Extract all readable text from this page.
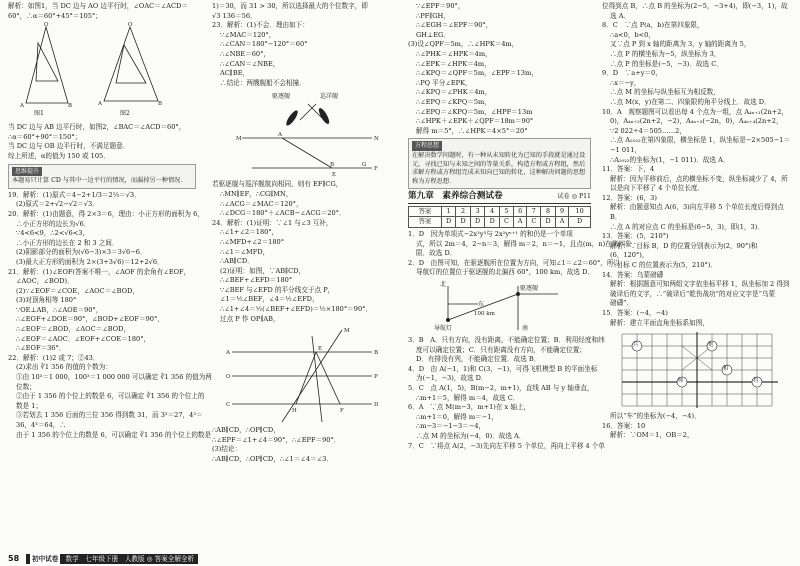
解析：如图1，当 DC 边与 AO 边平行时，∠OAC＝∠ACD＝

60°，∴α＝60°+45°＝105°；

O
A	B
O
A	B
图1	图2

当 DC 边与 AB 边平行时，如图2，∠BAC＝∠ACD＝60°，

∴α＝60°+90°＝150°；

当 DC 边与 OB 边平行时，不满足题意．

综上所述，α的值为 150 或 105．

思维提升
本题易只计算 CD 与其中一边平行的情况，而漏掉另一种情况．

19．解析：(1)原式＝4−2+1/3＝2⅓＝√3．

(2)原式＝2+√2−√2＝√3．

20．解析：(1)由题意，得 2×3＝6，理由：小正方形的面积为 6，

∴小正方形的边长为√6．

∵4<6<9，∴2<√6<3，

∴小正方形的边长在 2 和 3 之间．

(2)阴影部分的面积为(√6−3)×3＝3√6−6．

(3)最大正方形的面积为 2×(3+3√6)＝12+2√6．

21．解析：(1)∠EOF(答案不唯一，∠AOF 的余角有∠EOF，

∠AOC，∠BOD)．

(2)∵∠EOF＝∠COE，∠AOC＝∠BOD，

(3)对顶角相等 180°

∵OE⊥AB，∴∠AOE＝90°，

∴∠EOF+∠DOE＝90°，∠BOD+∠EOF＝90°，

∴∠EOF＝∠BOD，∠AOC＝∠BOD，

∴∠EOF＝∠AOC．∠EOF+∠COE＝180°，

∴∠EOF＝36°．

22．解析：(1)2 或 7；②43．

(2)求出 ∛1 356 的值的个数为：

①由 10³＝1 000，100³＝1 000 000 可以确定 ∛1 356 的值为两

位数；

②由于 1 356 的个位上的数是 6，可以确定 ∛1 356 的个位上的

数是 1；

③若划去 1 356 后面的三位 356 得到数 31，而 3³＝27，4³＝

36，4³＝64，∴

由于 1 356 的个位上的数是 6，可以确定 ∛1 356 的个位上的数是

1)＝30，而 31 > 30，所以选择最大的个位数字，即

√3 136＝56．

23．解析：(1)不会．理由如下：

∵∠MAC＝120°，

∴∠CAN＝180°−120°＝60°

∴∠NBE＝60°，

∴∠CAN＝∠NBE，

AC∥BE，

∴结论：两艘舰船不会相撞．

M	N
A
B
E
G
F
驱逐舰	巡洋舰

若驱逐舰与巡洋舰航向相同，则有 EF∥CG，

∴MN∥EF，∴CG∥MN，

∴∠ACG＝∠MAC＝120°，

∴∠DCG＝180°＋∠ACB−∠ACG＝20°．

24．解析：(1)证明：∵∠1 与∠3 互补，

∴∠1+∠2＝180°，

∴∠MFD+∠2＝180°

∴∠1＝∠MFD，

∴AB∥CD．

(2)证明：如图，∵AB∥CD，

∴∠BEF+∠EFD＝180°

∵∠BEF 与∠EFD 的平分线交于点 P，

∠1＝½∠BEF，∠4＝½∠EFD，

∴∠1+∠4＝½(∠BEF+∠EFD)＝½×180°＝90°．

过点 P 作 OP∥AB，

A	B
O	P
C	D
E
F
H
M

∴AB∥CD，∴OP∥CD，

∴∠EPF＝∠1+∠4＝90°，∴∠EPF＝90°．

(3)结论：

∴AB∥CD，∴OP∥CD，∴∠1＝∠4＝∠3．

∵∠EPF＝90°，

∴PF∥GH，

∴∠EGH＝∠EPF＝90°，

GH⊥EG．

(3)设∠QPF＝5m，∴∠HPK＝4m，

∴∠PHK＝∠HPK＝4m，

∴∠EPK＝∠HPK＝4m，

∴∠KPQ＝∠QPF＝5m，∠EPF＝13m，

∴PQ 平分∠EPK，

∴∠KPQ＝∠PHK＝4m，

∴∠EPQ＝∠KPQ＝5m，

∴∠EPQ＝∠KPQ＝5m，∠HPF＝13m

∴∠HPK＋∠EPK＋∠QPF＝18m＝90°

解得 m＝5°，∴∠HPK＝4×5°＝20°

方程思想
在解决数学问题时，有一种从未知转化为已知的手段就是通过设元，寻找已知与未知之间的等量关系，构造方程或方程组，然后求解方程或方程组完成未知向已知的转化，这种解决问题的思想称为方程思想．
第九章　素养综合测试卷	试卷 ◎ P11
答案	1	2	3	4	5	6	7	8	9	10
答案	D	D	D	D	C	A	C	D	A	D

1．D　因为单项式−2x²y³与 2x²yⁿ⁺¹ 的和仍是一个单项

式，所以 2m＝4，2−n＝3，解得 m＝2，n＝−1，且点(m，n)在第四象

限．故选 D．

2．D　由图可知，在驱逐舰所在位置为方向，可知∠1＝∠2＝60°，所以

导航灯的位置位于驱逐舰的北偏西 60°，100 km，故选 D．

北
东
南
导航灯
驱逐舰
100 km

3．B　A．只有方向，没有距离，不能确定位置；B．利用经度和纬

度可以确定位置；C．只有距离没有方向，不能确定位置；

D．有排没有列，不能确定位置．故选 B．

4．D　由 A(−1，1)和 C(3，−1)，可得飞机模型 B 的平面坐标

为(−1，−3)，故选 D．

5．C　点 A(1，5)，B(m−2，m+1)，直线 AB 与 y 轴垂直，

∴m+1＝5，解得 m＝4，故选 C．

6．A　∵点 M(m−3，m+1)在 x 轴上，

∴m+1＝0，解得 m＝−1，

∴m−3＝−1−3＝−4，

∴点 M 的坐标为(−4，0)．故选 A．

7．C　∵将点 A(2，−3)先向左平移 5 个单位，再向上平移 4 个单

位得到点 B，∴点 B 的坐标为(2−5，−3+4)，即(−3，1)，故

选 A．

8．C　∵点 P(a，b)在第四象限，

∴a<0，b<0，

又∵点 P 到 x 轴的距离为 3，y 轴的距离为 5，

∴点 P 的横坐标为−5，纵坐标为 3，

∴点 P 的坐标是(−5，−3)．故选 C．

9．D　∵a+y＝0，

∴x＝−y，

∴点 M 的坐标与纵坐标互为相反数，

∴点 M(x，y)在第二、四象限的角平分线上．故选 D．

10．A　观察题图可以看出每 4 个点为一组，点 A₄ₙ₊₁(2n+2，

0)，A₄ₙ₊₂(2n+2，−2)，A₄ₙ₊₃(−2n，0)，A₄ₙ₊₄(2n+2，

∵2 022÷4＝505……2，

∴点 A₂₀₂₂在第四象限，横坐标是 1，纵坐标是−2×505−1＝

−1 011，

∴A₂₀₂₂的坐标为(1，−1 011)．故选 A．

11．答案：下，4

解析：因为平移前后，点的横坐标不变，纵坐标减少了 4，所

以是向下平移了 4 个单位长度．

12．答案：(6，3)

解析：由题意知点 A(6，3)向左平移 5 个单位长度后得到点

B．

∴点 A 的对应点 C 的坐标是(6−5，3)，即(1，3)．

13．答案：(5，210°)

解析：∵目标 B，D 的位置分别表示为(2，90°)和

(6，120°)，

∴目标 C 的位置表示为(5，210°)．

14．答案：乌蒙磅礴

解析：根据题意可知两组文字依坐标平移 1，纵坐标加 2 得到

破译后的文字，∴“破译后“乾伤战功”的对应文字是“乌蒙

磅礴”．

15．答案：(−4，−4)

解析：建立平面直角坐标系如图，

兵	炮
帅	将
相

所以“车”的坐标为(−4，−4)．

16．答案：10

解析：∵OM＝1，OB＝2，

58	初中试卷 数学　七年级下册　人教版 ◎ 答案全解全析
